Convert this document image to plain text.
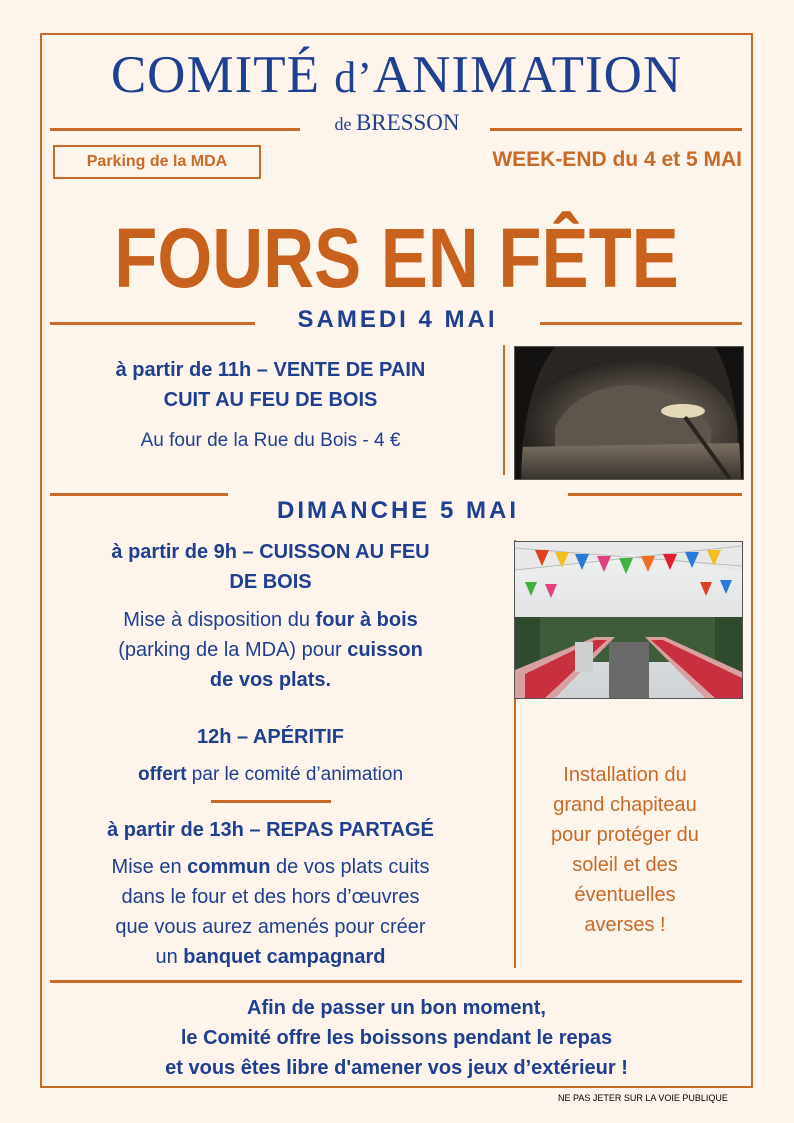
COMITÉ d’ANIMATION
de BRESSON
Parking de la MDA	WEEK-END du 4 et 5 MAI
FOURS EN FÊTE
SAMEDI 4 MAI
à partir de 11h – VENTE DE PAIN
CUIT AU FEU DE BOIS
Au four de la Rue du Bois - 4 €
DIMANCHE 5 MAI
à partir de 9h – CUISSON AU FEU
DE BOIS
Mise à disposition du four à bois
(parking de la MDA) pour cuisson
de vos plats.
12h – APÉRITIF
offert par le comité d’animation
à partir de 13h – REPAS PARTAGÉ
Mise en commun de vos plats cuits
dans le four et des hors d’œuvres
que vous aurez amenés pour créer
un banquet campagnard
Installation du
grand chapiteau
pour protéger du
soleil et des
éventuelles
averses !
Afin de passer un bon moment,
le Comité offre les boissons pendant le repas
et vous êtes libre d'amener vos jeux d’extérieur !
NE PAS JETER SUR LA VOIE PUBLIQUE
